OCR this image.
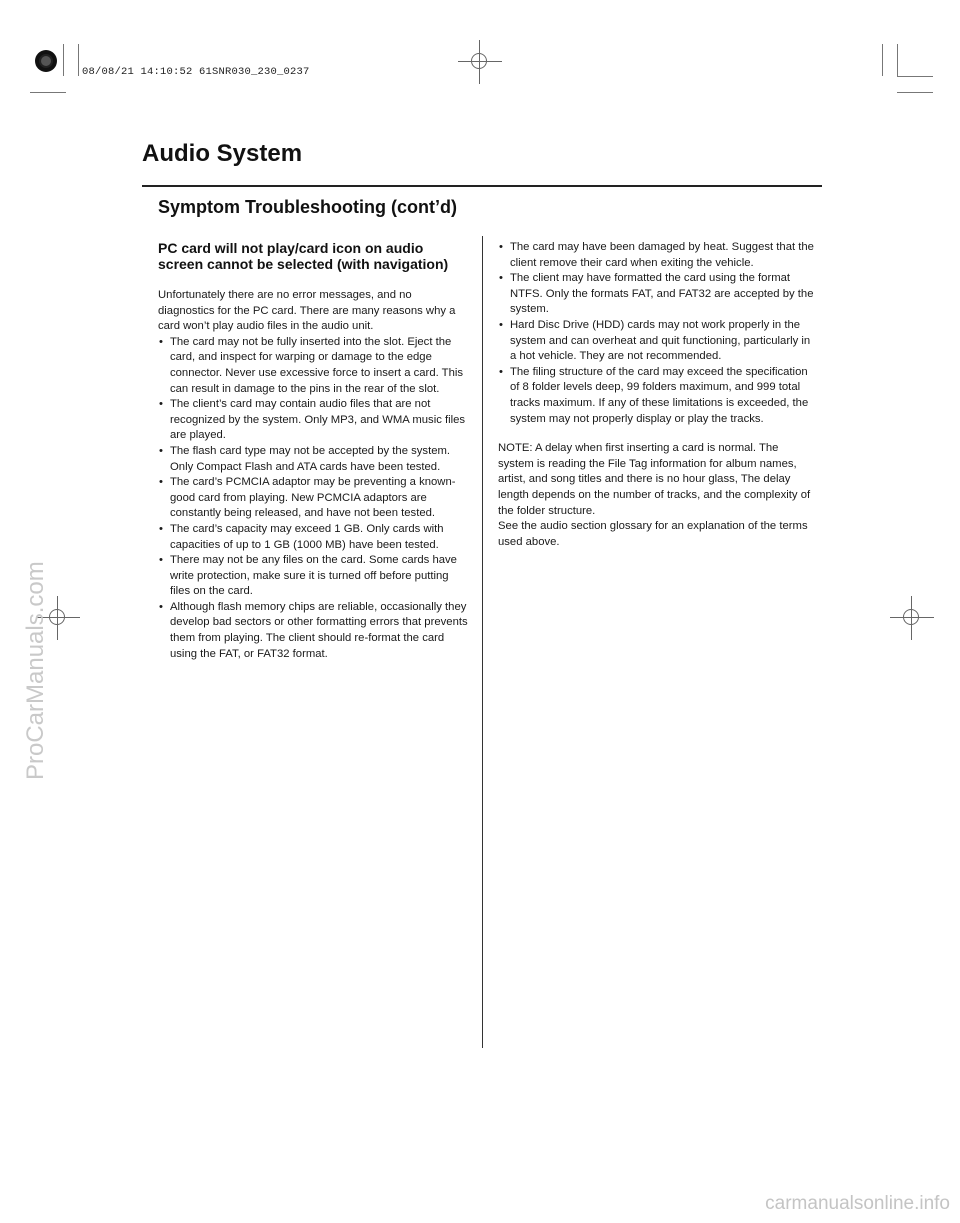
08/08/21 14:10:52 61SNR030_230_0237
Audio System
Symptom Troubleshooting (cont’d)
PC card will not play/card icon on audio screen cannot be selected (with navigation)

Unfortunately there are no error messages, and no diagnostics for the PC card. There are many reasons why a card won’t play audio files in the audio unit.

• The card may not be fully inserted into the slot. Eject the card, and inspect for warping or damage to the edge connector. Never use excessive force to insert a card. This can result in damage to the pins in the rear of the slot.
• The client’s card may contain audio files that are not recognized by the system. Only MP3, and WMA music files are played.
• The flash card type may not be accepted by the system. Only Compact Flash and ATA cards have been tested.
• The card’s PCMCIA adaptor may be preventing a known-good card from playing. New PCMCIA adaptors are constantly being released, and have not been tested.
• The card’s capacity may exceed 1 GB. Only cards with capacities of up to 1 GB (1000 MB) have been tested.
• There may not be any files on the card. Some cards have write protection, make sure it is turned off before putting files on the card.
• Although flash memory chips are reliable, occasionally they develop bad sectors or other formatting errors that prevents them from playing. The client should re-format the card using the FAT, or FAT32 format.
• The card may have been damaged by heat. Suggest that the client remove their card when exiting the vehicle.
• The client may have formatted the card using the format NTFS. Only the formats FAT, and FAT32 are accepted by the system.
• Hard Disc Drive (HDD) cards may not work properly in the system and can overheat and quit functioning, particularly in a hot vehicle. They are not recommended.
• The filing structure of the card may exceed the specification of 8 folder levels deep, 99 folders maximum, and 999 total tracks maximum. If any of these limitations is exceeded, the system may not properly display or play the tracks.

NOTE: A delay when first inserting a card is normal. The system is reading the File Tag information for album names, artist, and song titles and there is no hour glass, The delay length depends on the number of tracks, and the complexity of the folder structure.

See the audio section glossary for an explanation of the terms used above.

ProCarManuals.com
carmanualsonline.info
